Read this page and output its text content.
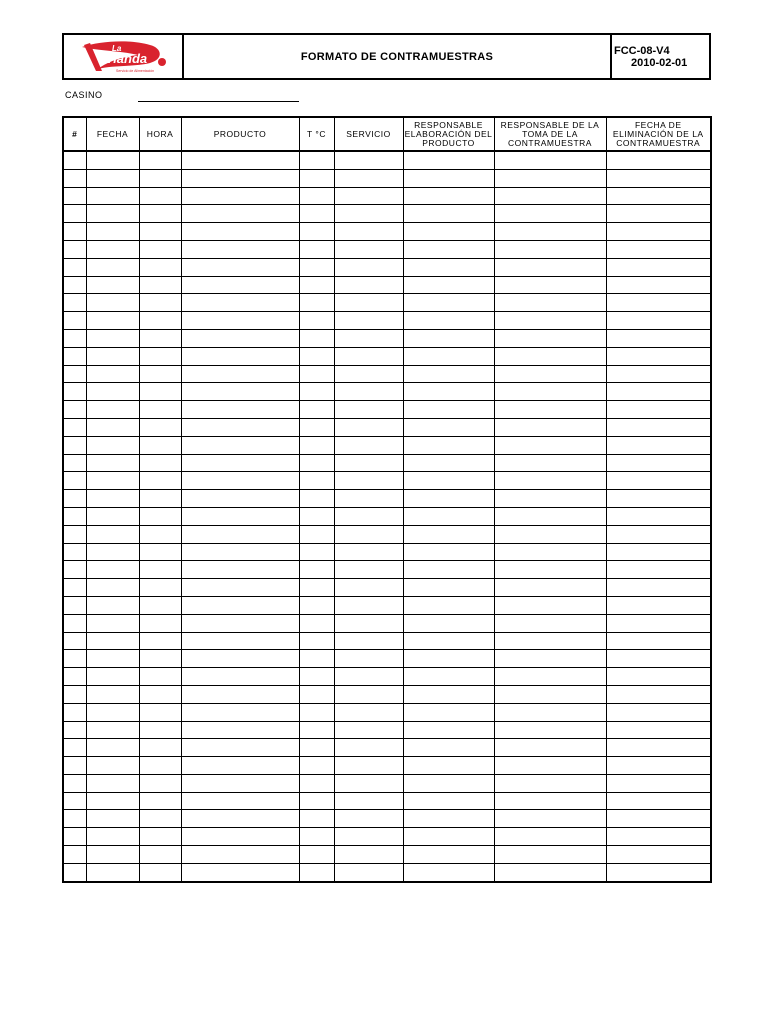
La
Vianda
Servicio de Alimentación
FORMATO DE CONTRAMUESTRAS	FCC-08-V4
2010-02-01
CASINO
#	FECHA	HORA	PRODUCTO	T °C	SERVICIO	RESPONSABLE ELABORACIÓN DEL PRODUCTO	RESPONSABLE DE LA TOMA DE LA CONTRAMUESTRA	FECHA DE ELIMINACIÓN DE LA CONTRAMUESTRA
